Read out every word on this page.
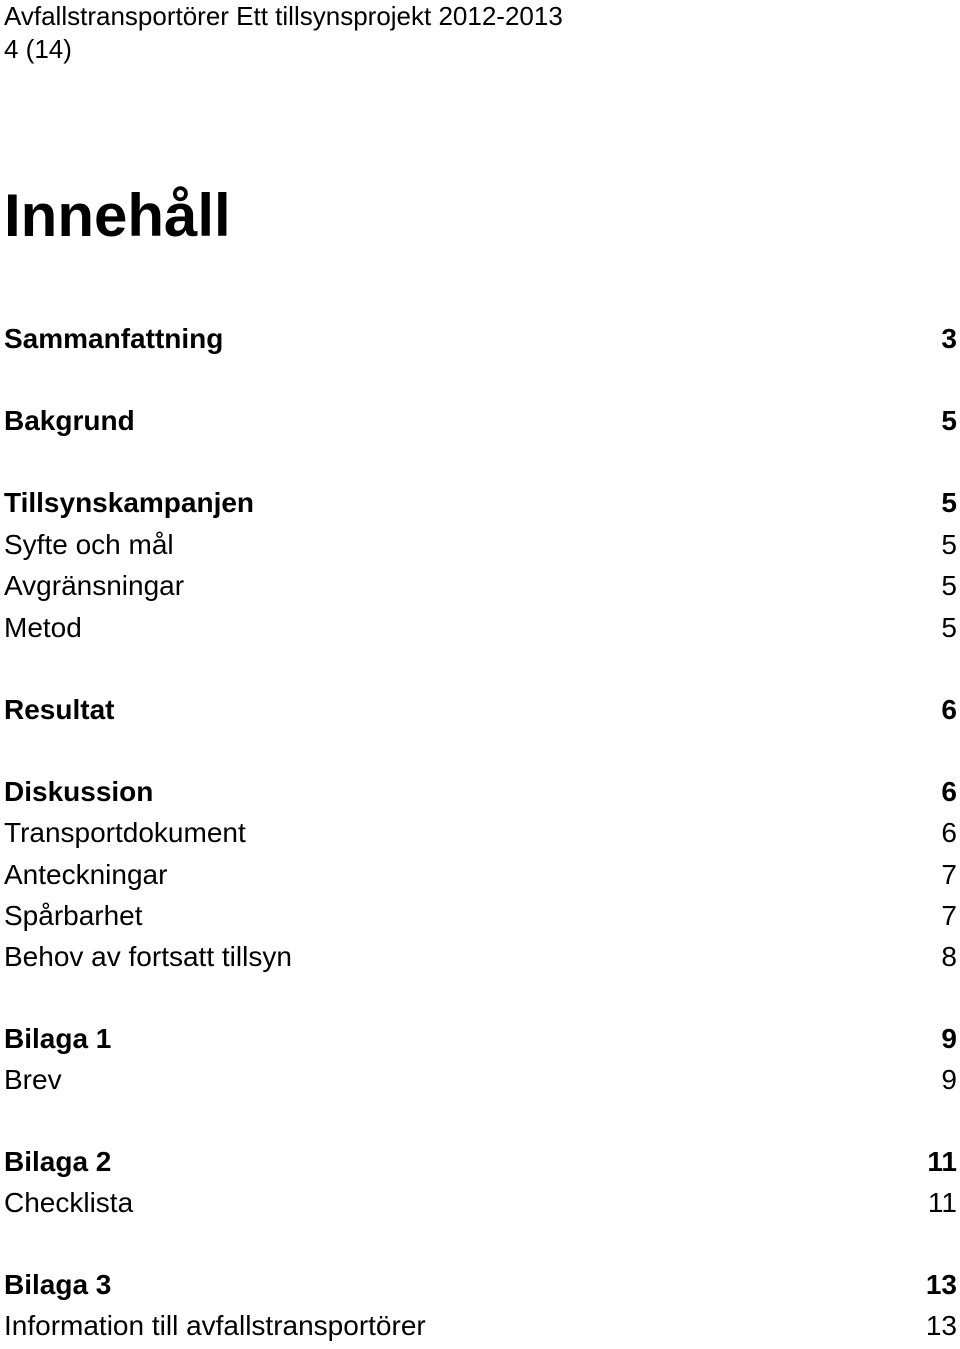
Avfallstransportörer Ett tillsynsprojekt 2012-2013
4 (14)
Innehåll
Sammanfattning	3
Bakgrund	5
Tillsynskampanjen	5
Syfte och mål	5
Avgränsningar	5
Metod	5
Resultat	6
Diskussion	6
Transportdokument	6
Anteckningar	7
Spårbarhet	7
Behov av fortsatt tillsyn	8
Bilaga 1	9
Brev	9
Bilaga 2	11
Checklista	11
Bilaga 3	13
Information till avfallstransportörer	13
